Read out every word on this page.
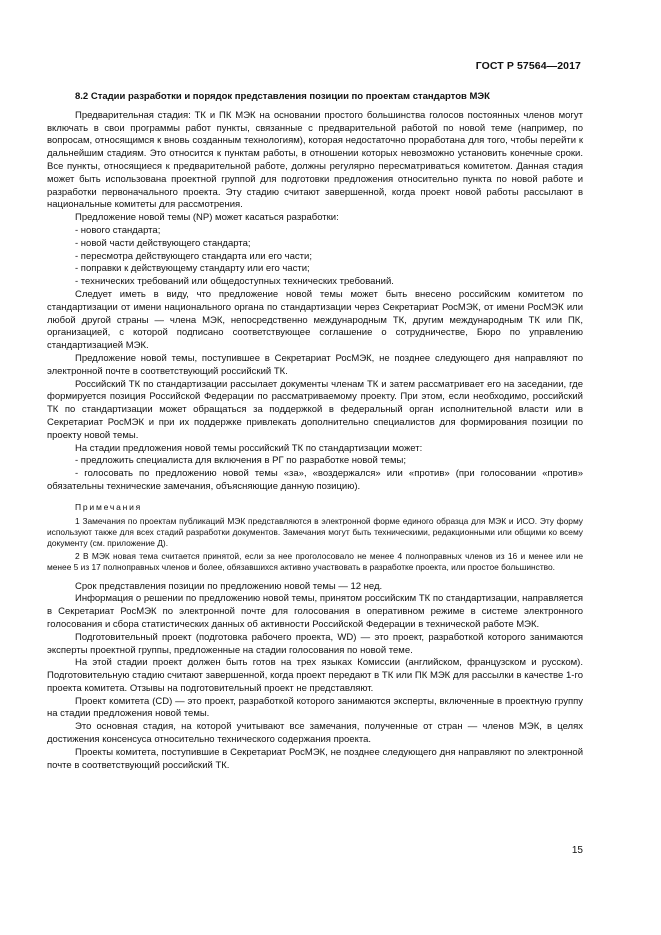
ГОСТ Р 57564—2017

8.2 Стадии разработки и порядок представления позиции по проектам стандартов МЭК

Предварительная стадия: ТК и ПК МЭК на основании простого большинства голосов постоянных членов могут включать в свои программы работ пункты, связанные с предварительной работой по новой теме (например, по вопросам, относящимся к вновь созданным технологиям), которая недостаточно проработана для того, чтобы перейти к дальнейшим стадиям. Это относится к пунктам работы, в отношении которых невозможно установить конечные сроки. Все пункты, относящиеся к предварительной работе, должны регулярно пересматриваться комитетом. Данная стадия может быть использована проектной группой для подготовки предложения относительно пункта по новой работе и разработки первоначального проекта. Эту стадию считают завершенной, когда проект новой работы рассылают в национальные комитеты для рассмотрения.

Предложение новой темы (NP) может касаться разработки:

- нового стандарта;

- новой части действующего стандарта;

- пересмотра действующего стандарта или его части;

- поправки к действующему стандарту или его части;

- технических требований или общедоступных технических требований.

Следует иметь в виду, что предложение новой темы может быть внесено российским комитетом по стандартизации от имени национального органа по стандартизации через Секретариат РосМЭК, от имени РосМЭК или любой другой страны — члена МЭК, непосредственно международным ТК, другим международным ТК или ПК, организацией, с которой подписано соответствующее соглашение о сотрудничестве, Бюро по управлению стандартизацией МЭК.

Предложение новой темы, поступившее в Секретариат РосМЭК, не позднее следующего дня направляют по электронной почте в соответствующий российский ТК.

Российский ТК по стандартизации рассылает документы членам ТК и затем рассматривает его на заседании, где формируется позиция Российской Федерации по рассматриваемому проекту. При этом, если необходимо, российский ТК по стандартизации может обращаться за поддержкой в федеральный орган исполнительной власти или в Секретариат РосМЭК и при их поддержке привлекать дополнительно специалистов для формирования позиции по проекту новой темы.

На стадии предложения новой темы российский ТК по стандартизации может:

- предложить специалиста для включения в РГ по разработке новой темы;

- голосовать по предложению новой темы «за», «воздержался» или «против» (при голосовании «против» обязательны технические замечания, объясняющие данную позицию).

Примечания

1 Замечания по проектам публикаций МЭК представляются в электронной форме единого образца для МЭК и ИСО. Эту форму используют также для всех стадий разработки документов. Замечания могут быть техническими, редакционными или общими ко всему документу (см. приложение Д).

2 В МЭК новая тема считается принятой, если за нее проголосовало не менее 4 полноправных членов из 16 и менее или не менее 5 из 17 полноправных членов и более, обязавшихся активно участвовать в разработке проекта, или простое большинство.

Срок представления позиции по предложению новой темы — 12 нед.

Информация о решении по предложению новой темы, принятом российским ТК по стандартизации, направляется в Секретариат РосМЭК по электронной почте для голосования в оперативном режиме в системе электронного голосования и сбора статистических данных об активности Российской Федерации в технической работе МЭК.

Подготовительный проект (подготовка рабочего проекта, WD) — это проект, разработкой которого занимаются эксперты проектной группы, предложенные на стадии голосования по новой теме.

На этой стадии проект должен быть готов на трех языках Комиссии (английском, французском и русском). Подготовительную стадию считают завершенной, когда проект передают в ТК или ПК МЭК для рассылки в качестве 1-го проекта комитета. Отзывы на подготовительный проект не представляют.

Проект комитета (CD) — это проект, разработкой которого занимаются эксперты, включенные в проектную группу на стадии предложения новой темы.

Это основная стадия, на которой учитывают все замечания, полученные от стран — членов МЭК, в целях достижения консенсуса относительно технического содержания проекта.

Проекты комитета, поступившие в Секретариат РосМЭК, не позднее следующего дня направляют по электронной почте в соответствующий российский ТК.

15
